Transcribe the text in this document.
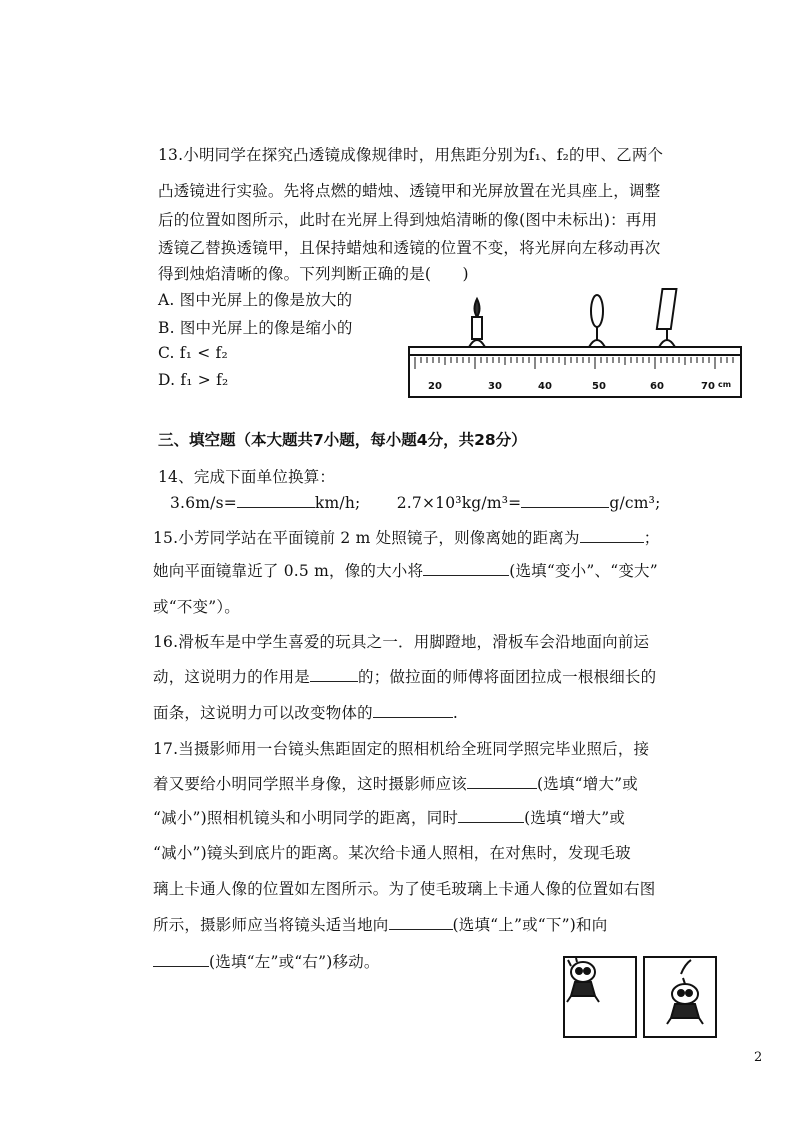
13.小明同学在探究凸透镜成像规律时，用焦距分别为f₁、f₂的甲、乙两个
凸透镜进行实验。先将点燃的蜡烛、透镜甲和光屏放置在光具座上，调整
后的位置如图所示，此时在光屏上得到烛焰清晰的像(图中未标出)：再用
透镜乙替换透镜甲，且保持蜡烛和透镜的位置不变，将光屏向左移动再次
得到烛焰清晰的像。下列判断正确的是(　　)
A. 图中光屏上的像是放大的
B. 图中光屏上的像是缩小的
C. f₁ < f₂
D. f₁ > f₂	20	30	40	50	60	70 cm
三、填空题（本大题共7小题，每小题4分，共28分）
14、完成下面单位换算：
3.6m/s=	km/h; 2.7×10³kg/m³=	g/cm³;
15.小芳同学站在平面镜前 2 m 处照镜子，则像离她的距离为	；
她向平面镜靠近了 0.5 m，像的大小将	(选填“变小”、“变大”
或“不变”）。
16.滑板车是中学生喜爱的玩具之一．用脚蹬地，滑板车会沿地面向前运
动，这说明力的作用是	的；做拉面的师傅将面团拉成一根根细长的
面条，这说明力可以改变物体的	.
17.当摄影师用一台镜头焦距固定的照相机给全班同学照完毕业照后，接
着又要给小明同学照半身像，这时摄影师应该	(选填“增大”或
“减小”)照相机镜头和小明同学的距离，同时	(选填“增大”或
“减小”)镜头到底片的距离。某次给卡通人照相，在对焦时，发现毛玻
璃上卡通人像的位置如左图所示。为了使毛玻璃上卡通人像的位置如右图
所示，摄影师应当将镜头适当地向	(选填“上”或“下”)和向
(选填“左”或“右”)移动。
2
